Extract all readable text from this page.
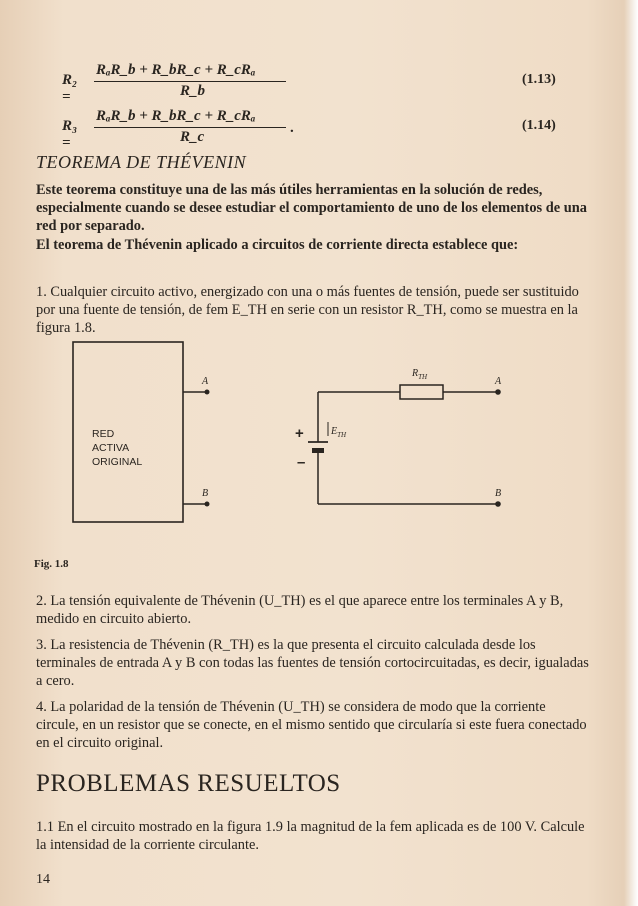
R₂ =
RₐR_b + R_bR_c + R_cRₐ
R_b
(1.13)
R₃ =
RₐR_b + R_bR_c + R_cRₐ
R_c
.	(1.14)
TEOREMA DE THÉVENIN
Este teorema constituye una de las más útiles herramientas en la solución de redes, especialmente cuando se desee estudiar el comportamiento de uno de los elementos de una red por separado.
El teorema de Thévenin aplicado a circuitos de corriente directa establece que:
1. Cualquier circuito activo, energizado con una o más fuentes de tensión, puede ser sustituido por una fuente de tensión, de fem E_TH en serie con un resistor R_TH, como se muestra en la figura 1.8.
RED
ACTIVA
ORIGINAL
A
B
$R_{TH}$	A
+
–
$E_{TH}$
B
Fig. 1.8
2. La tensión equivalente de Thévenin (U_TH) es el que aparece entre los terminales A y B, medido en circuito abierto.
3. La resistencia de Thévenin (R_TH) es la que presenta el circuito calculada desde los terminales de entrada A y B con todas las fuentes de tensión cortocircuitadas, es decir, igualadas a cero.
4. La polaridad de la tensión de Thévenin (U_TH) se considera de modo que la corriente circule, en un resistor que se conecte, en el mismo sentido que circularía si este fuera conectado en el circuito original.
PROBLEMAS RESUELTOS
1.1 En el circuito mostrado en la figura 1.9 la magnitud de la fem aplicada es de 100 V. Calcule la intensidad de la corriente circulante.
14
